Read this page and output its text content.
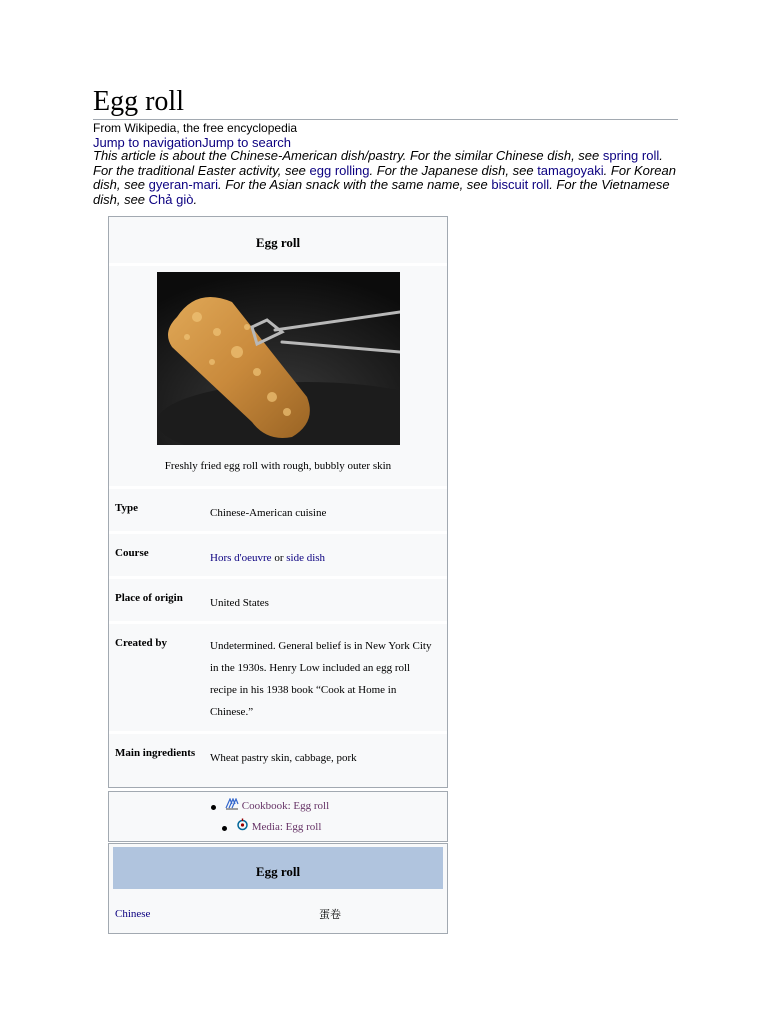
Egg roll
From Wikipedia, the free encyclopedia
Jump to navigationJump to search
This article is about the Chinese-American dish/pastry. For the similar Chinese dish, see spring roll. For the traditional Easter activity, see egg rolling. For the Japanese dish, see tamagoyaki. For Korean dish, see gyeran-mari. For the Asian snack with the same name, see biscuit roll. For the Vietnamese dish, see Chả giò.
Egg roll
Freshly fried egg roll with rough, bubbly outer skin
Type	Chinese-American cuisine
Course	Hors d'oeuvre or side dish
Place of origin	United States
Created by	Undetermined. General belief is in New York City in the 1930s. Henry Low included an egg roll recipe in his 1938 book “Cook at Home in Chinese.”
Main ingredients	Wheat pastry skin, cabbage, pork
Cookbook: Egg roll
Media: Egg roll
Egg roll
Chinese	蛋卷
